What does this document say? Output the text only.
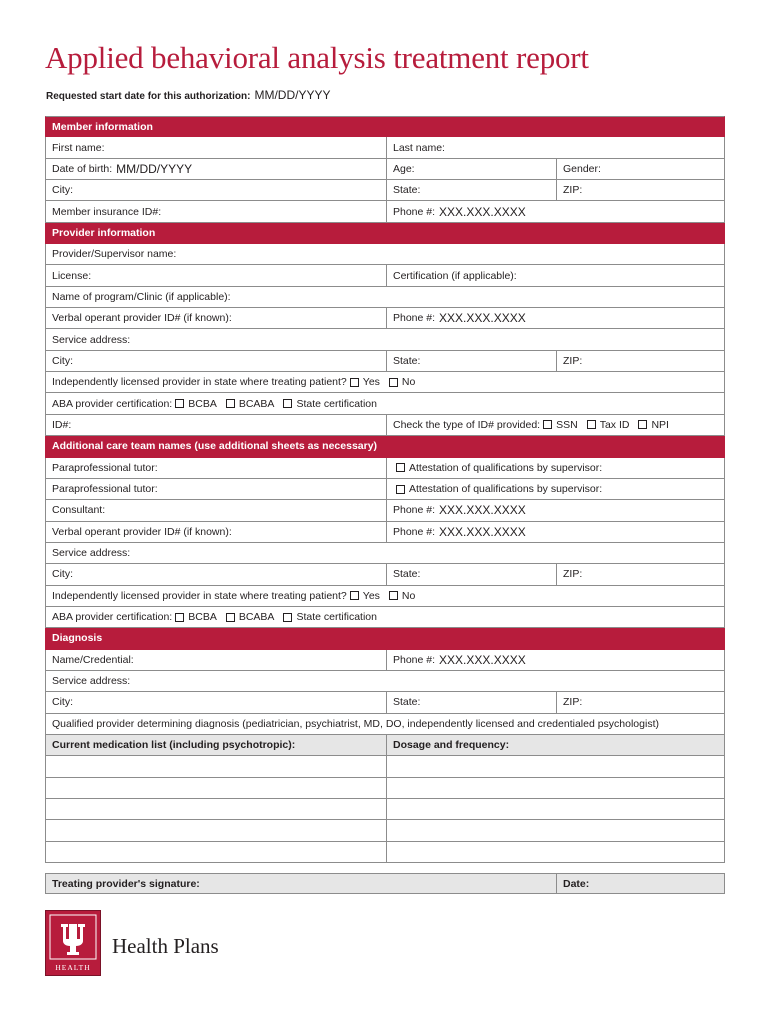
Applied behavioral analysis treatment report
Requested start date for this authorization: MM/DD/YYYY
Member information
First name:	Last name:
Date of birth: MM/DD/YYYY	Age:	Gender:
City:	State:	ZIP:
Member insurance ID#:	Phone #: XXX.XXX.XXXX
Provider information
Provider/Supervisor name:
License:	Certification (if applicable):
Name of program/Clinic (if applicable):
Verbal operant provider ID# (if known):	Phone #: XXX.XXX.XXXX
Service address:
City:	State:	ZIP:
Independently licensed provider in state where treating patient? Yes No
ABA provider certification: BCBA BCABA State certification
ID#:	Check the type of ID# provided: SSN Tax ID NPI
Additional care team names (use additional sheets as necessary)
Paraprofessional tutor:	Attestation of qualifications by supervisor:
Paraprofessional tutor:	Attestation of qualifications by supervisor:
Consultant:	Phone #: XXX.XXX.XXXX
Verbal operant provider ID# (if known):	Phone #: XXX.XXX.XXXX
Service address:
City:	State:	ZIP:
Independently licensed provider in state where treating patient? Yes No
ABA provider certification: BCBA BCABA State certification
Diagnosis
Name/Credential:	Phone #: XXX.XXX.XXXX
Service address:
City:	State:	ZIP:
Qualified provider determining diagnosis (pediatrician, psychiatrist, MD, DO, independently licensed and credentialed psychologist)
Current medication list (including psychotropic):	Dosage and frequency:
Treating provider's signature:	Date:
HEALTH
Health Plans
